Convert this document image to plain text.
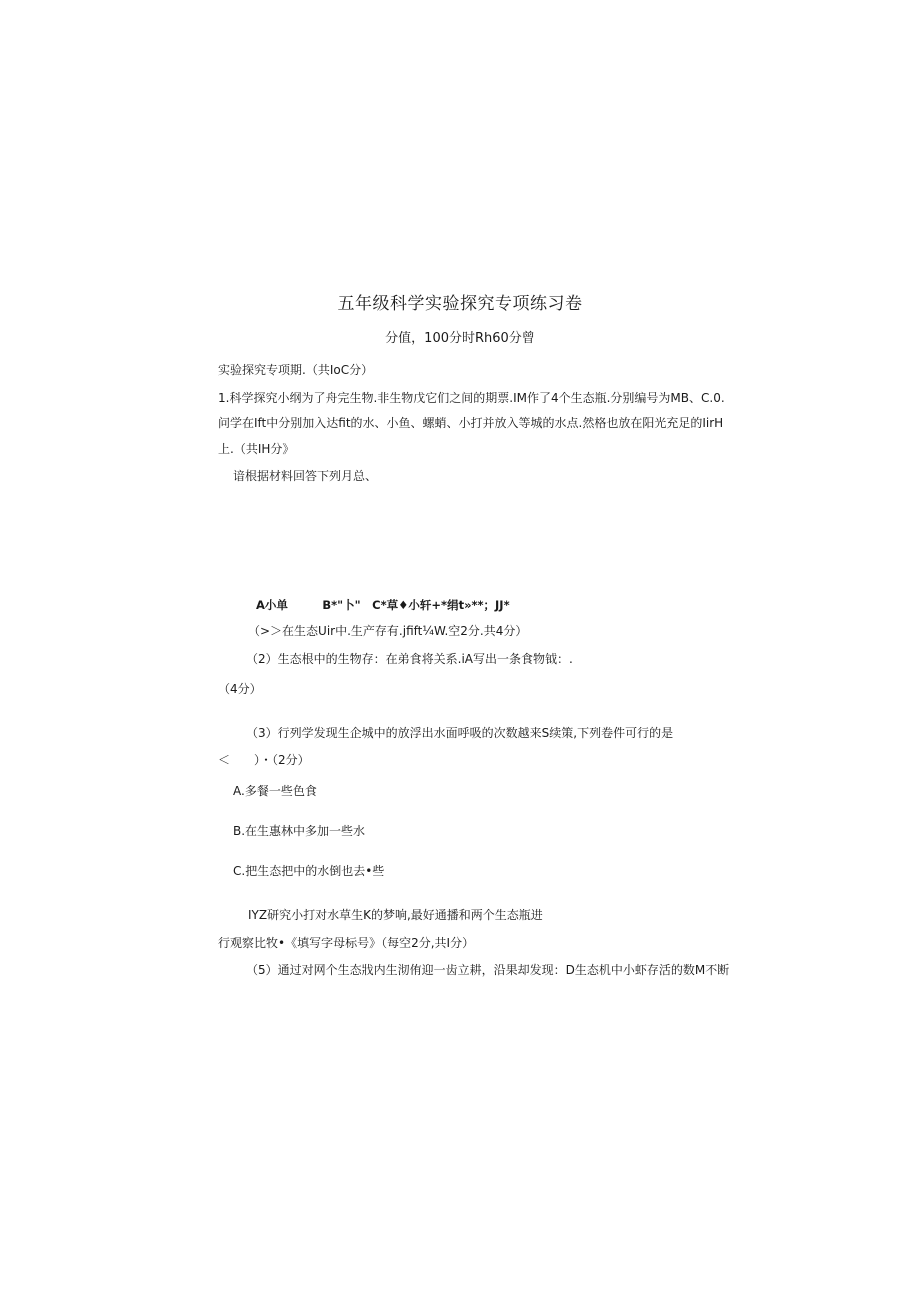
五年级科学实验探究专项练习卷
分值，100分时Rh60分曾
实验探究专项期.（共IoC分）
1.科学探究小纲为了舟完生物.非生物戊它们之间的期票.IM作了4个生态瓶.分别编号为MB、C.0.
问学在Ift中分别加入达fit的水、小鱼、螺蛸、小打并放入等城的水点.然格也放在阳光充足的IirH
上.（共IH分》
谙根据材料回答下列月总、
A小单　　　B*"卜"　C*草♦小轩+*绢t»**；JJ*
（>＞在生态Uir中.生产存有.jfift¼W.空2分.共4分）
（2）生态根中的生物存：在弟食将关系.iA写出一条食物钺：.
（4分）
（3）行列学发现生企城中的放浮出水面呼吸的次数越来S续策,下列卷件可行的是
＜　　）・（2分）
A.多餐一些色食
B.在生惠林中多加一些水
C.把生态把中的水倒也去•些
IYZ研究小打对水草生K的梦响,最好通播和两个生态瓶进
行观察比牧•《填写字母标号》（每空2分,共I分）
（5）通过对网个生态戕内生沏侑迎一齿立耕，沿果却发现：D生态机中小虾存活的数M不断
